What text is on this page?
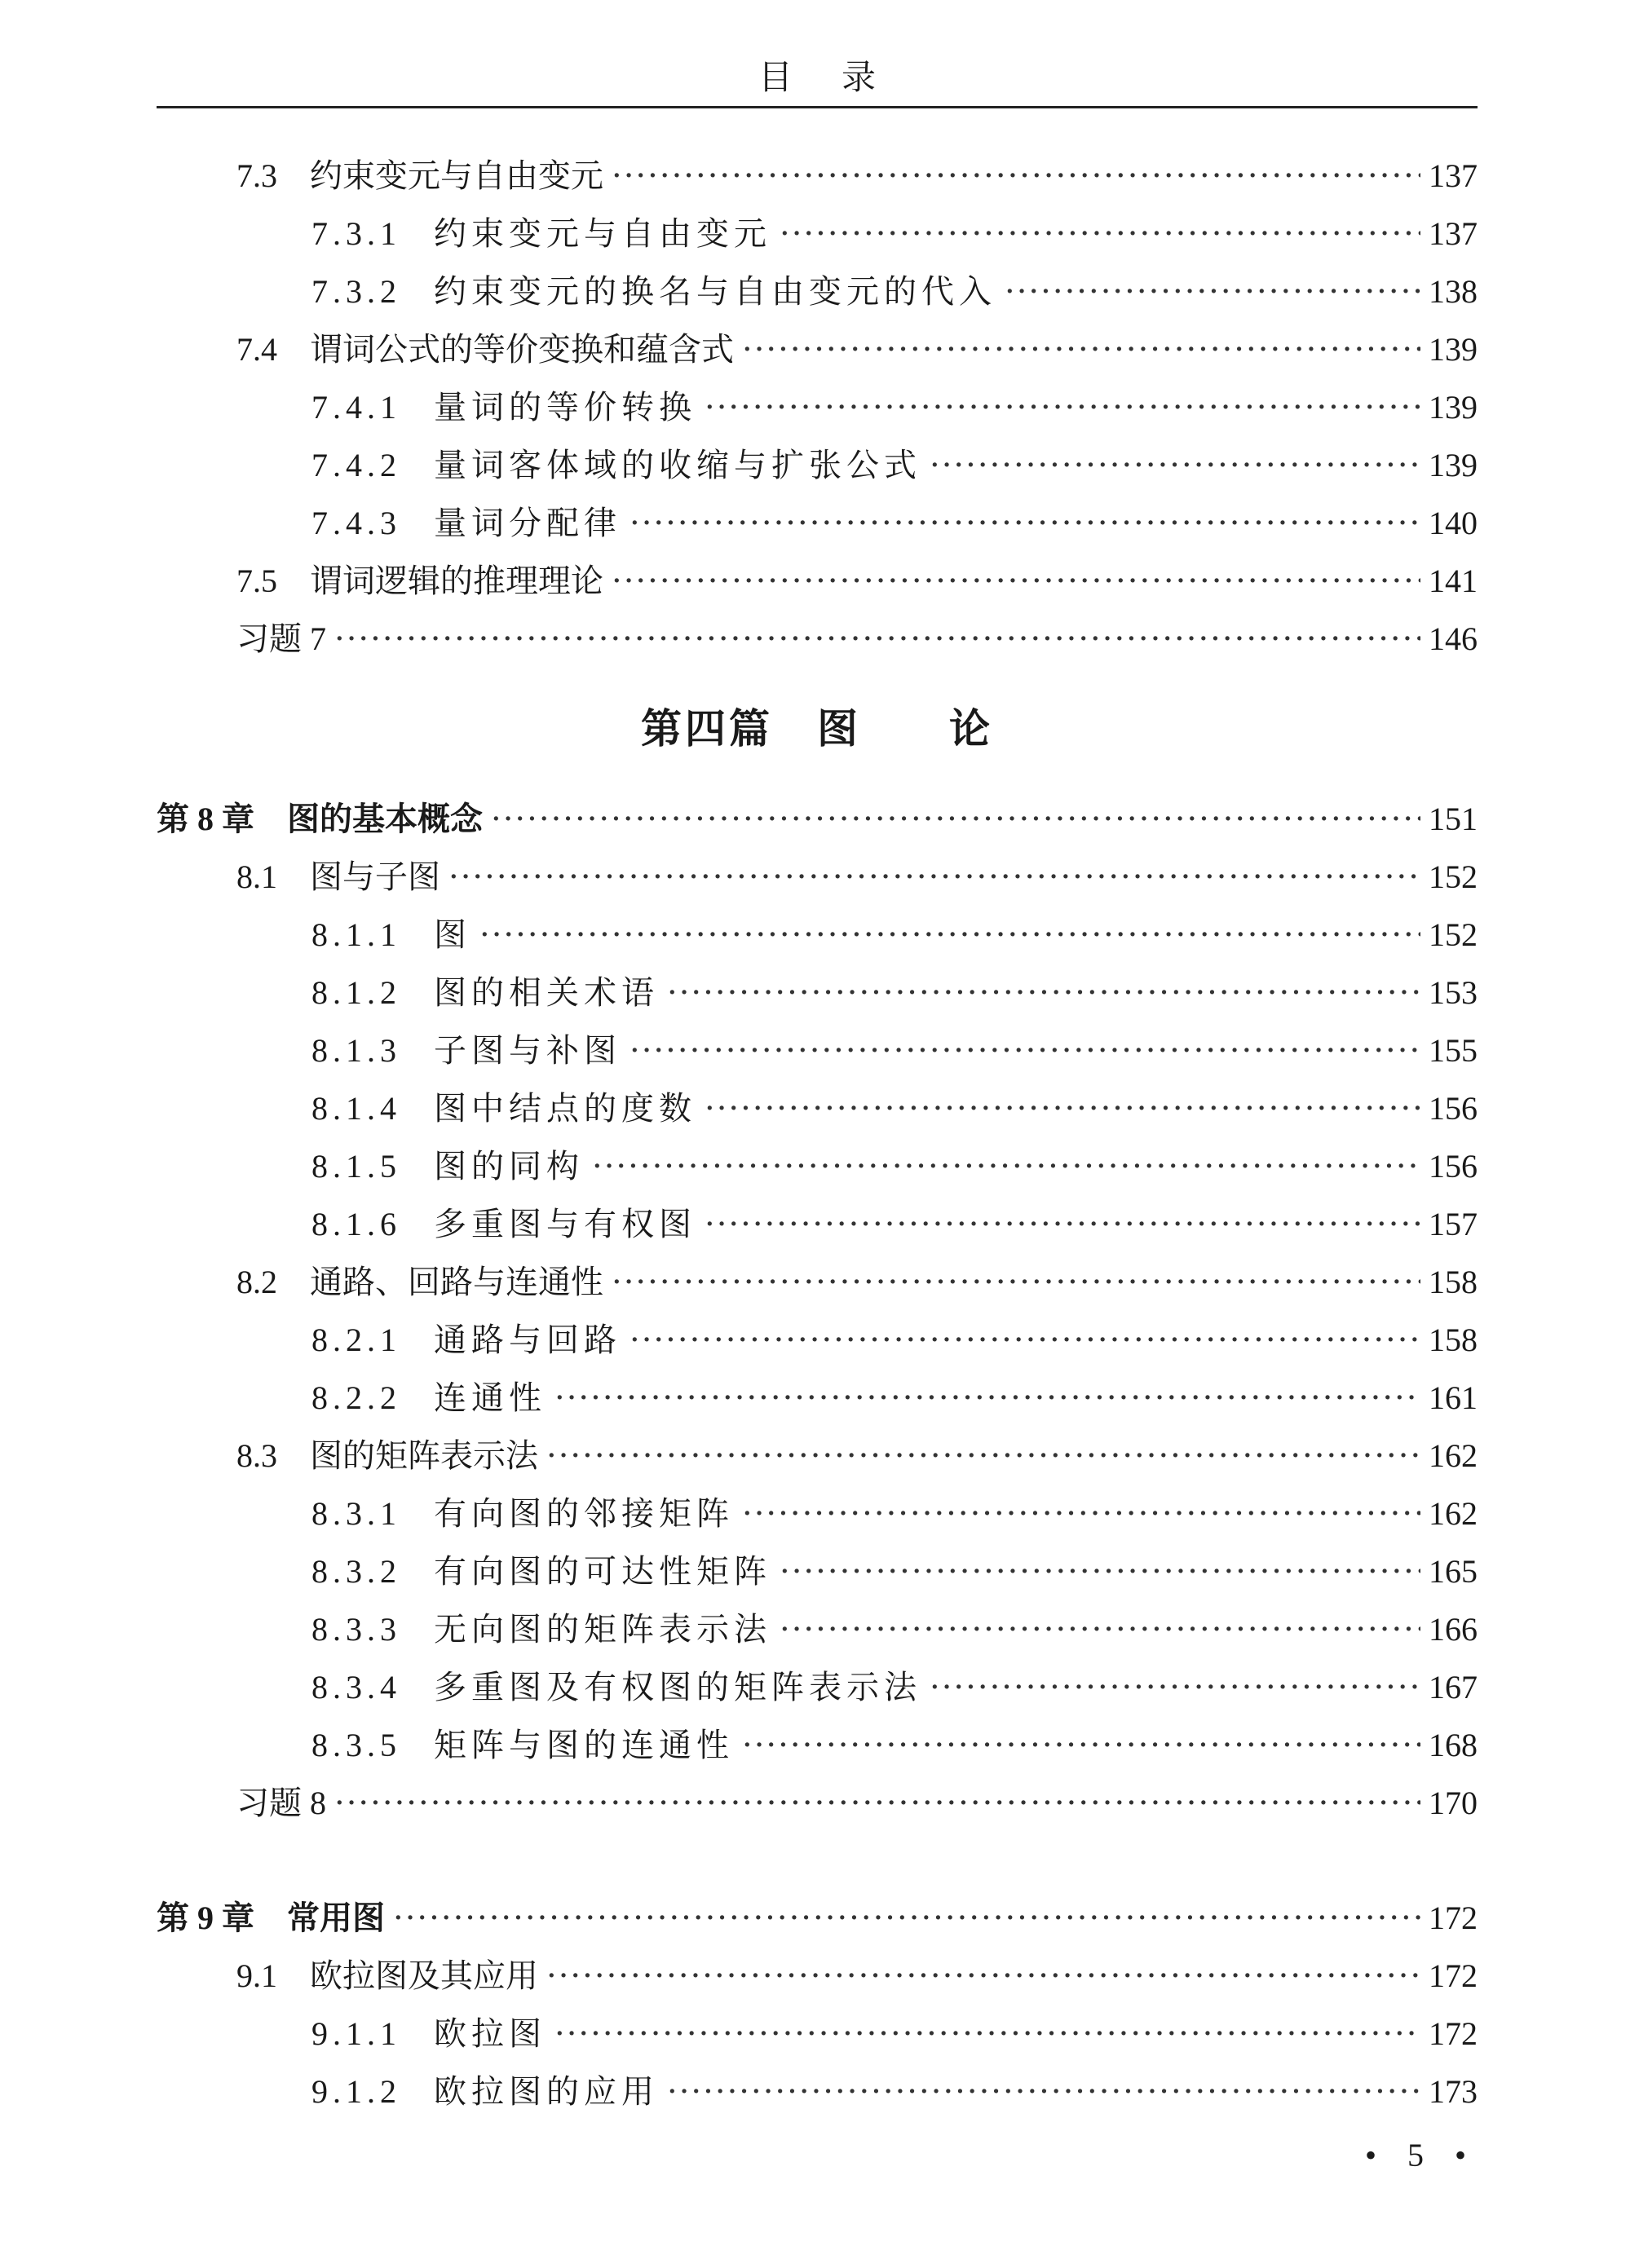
目录
7.3 约束变元与自由变元 ·····	137
7.3.1 约束变元与自由变元 ·····	137
7.3.2 约束变元的换名与自由变元的代入 ·····	138
7.4 谓词公式的等价变换和蕴含式 ·····	139
7.4.1 量词的等价转换 ·····	139
7.4.2 量词客体域的收缩与扩张公式 ·····	139
7.4.3 量词分配律 ·····	140
7.5 谓词逻辑的推理理论 ·····	141
习题 7 ·····	146
第四篇　图　　论
第 8 章　图的基本概念 ·····	151
8.1 图与子图 ·····	152
8.1.1 图 ·····	152
8.1.2 图的相关术语 ·····	153
8.1.3 子图与补图 ·····	155
8.1.4 图中结点的度数 ·····	156
8.1.5 图的同构 ·····	156
8.1.6 多重图与有权图 ·····	157
8.2 通路、回路与连通性 ·····	158
8.2.1 通路与回路 ·····	158
8.2.2 连通性 ·····	161
8.3 图的矩阵表示法 ·····	162
8.3.1 有向图的邻接矩阵 ·····	162
8.3.2 有向图的可达性矩阵 ·····	165
8.3.3 无向图的矩阵表示法 ·····	166
8.3.4 多重图及有权图的矩阵表示法 ·····	167
8.3.5 矩阵与图的连通性 ·····	168
习题 8 ·····	170
第 9 章　常用图 ·····	172
9.1 欧拉图及其应用 ·····	172
9.1.1 欧拉图 ·····	172
9.1.2 欧拉图的应用 ·····	173
• 5 •
